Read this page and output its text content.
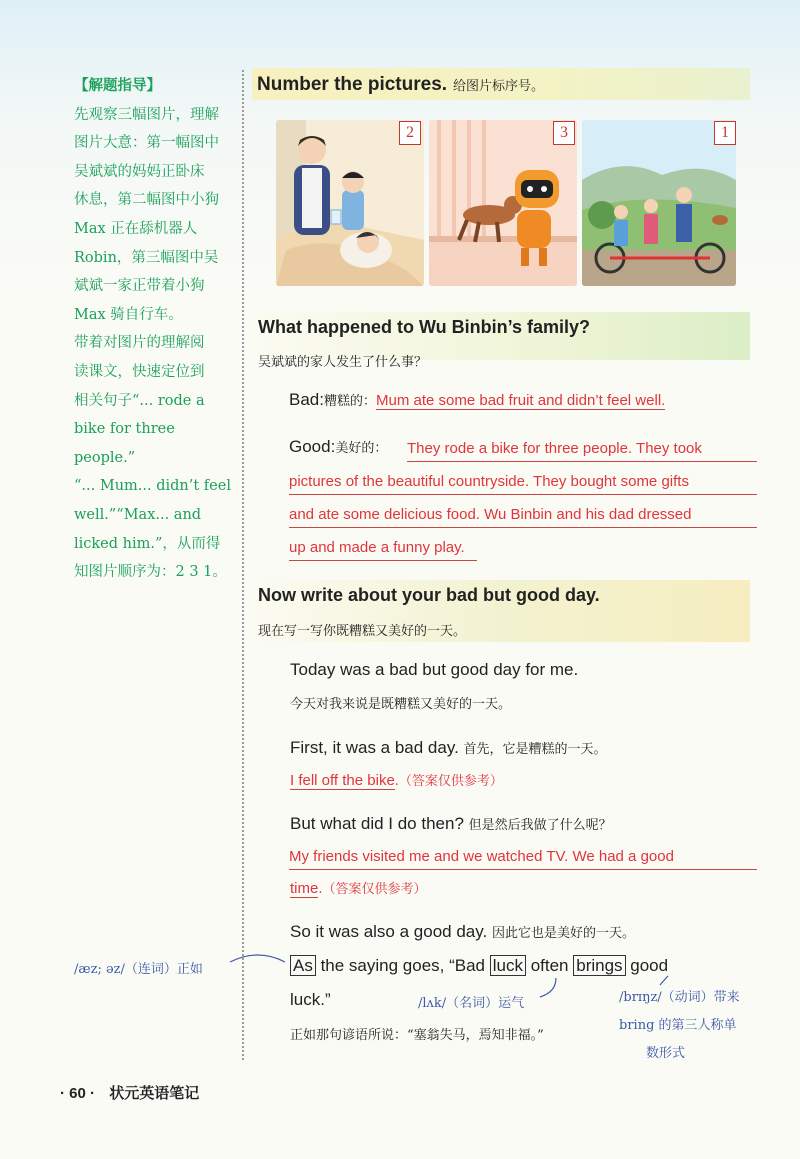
【解题指导】
先观察三幅图片，理解
图片大意：第一幅图中
吴斌斌的妈妈正卧床
休息，第二幅图中小狗
Max 正在舔机器人
Robin，第三幅图中吴
斌斌一家正带着小狗
Max 骑自行车。
带着对图片的理解阅
读课文，快速定位到
相关句子“... rode a
bike for three people.”
“... Mum... didn’t feel
well.”“Max... and
licked him.”，从而得
知图片顺序为：2 3 1。
Number the pictures. 给图片标序号。
2	3	1
What happened to Wu Binbin’s family?
吴斌斌的家人发生了什么事？
Bad:糟糕的：Mum ate some bad fruit and didn’t feel well.
Good:美好的： They rode a bike for three people. They took
pictures of the beautiful countryside. They bought some gifts
and ate some delicious food. Wu Binbin and his dad dressed
up and made a funny play.
Now write about your bad but good day.
现在写一写你既糟糕又美好的一天。
Today was a bad but good day for me.
今天对我来说是既糟糕又美好的一天。
First, it was a bad day. 首先，它是糟糕的一天。
I fell off the bike.（答案仅供参考）
But what did I do then? 但是然后我做了什么呢？
My friends visited me and we watched TV. We had a good
time.（答案仅供参考）
So it was also a good day. 因此它也是美好的一天。
As the saying goes, “Bad luck often brings good
luck.”
正如那句谚语所说：“塞翁失马，焉知非福。”
/æz; əz/（连词）正如
/lʌk/（名词）运气	/brɪŋz/（动词）带来
bring 的第三人称单
数形式
· 60 · 状元英语笔记
